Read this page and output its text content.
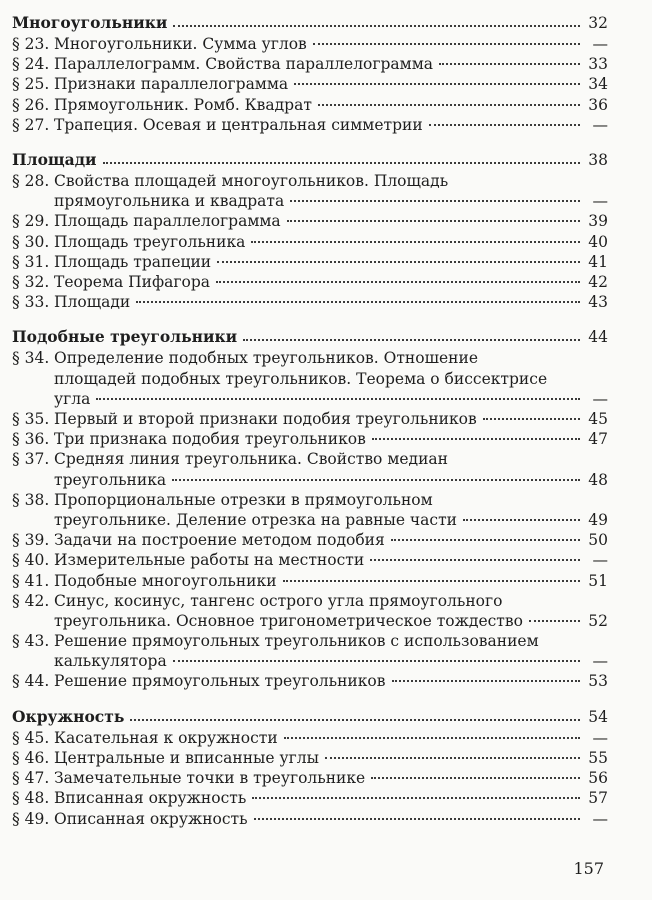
Многоугольники	32
§ 23. Многоугольники. Сумма углов	—
§ 24. Параллелограмм. Свойства параллелограмма	33
§ 25. Признаки параллелограмма	34
§ 26. Прямоугольник. Ромб. Квадрат	36
§ 27. Трапеция. Осевая и центральная симметрии	—
Площади	38
§ 28. Свойства площадей многоугольников. Площадь
прямоугольника и квадрата	—
§ 29. Площадь параллелограмма	39
§ 30. Площадь треугольника	40
§ 31. Площадь трапеции	41
§ 32. Теорема Пифагора	42
§ 33. Площади	43
Подобные треугольники	44
§ 34. Определение подобных треугольников. Отношение
площадей подобных треугольников. Теорема о биссектрисе
угла	—
§ 35. Первый и второй признаки подобия треугольников	45
§ 36. Три признака подобия треугольников	47
§ 37. Средняя линия треугольника. Свойство медиан
треугольника	48
§ 38. Пропорциональные отрезки в прямоугольном
треугольнике. Деление отрезка на равные части	49
§ 39. Задачи на построение методом подобия	50
§ 40. Измерительные работы на местности	—
§ 41. Подобные многоугольники	51
§ 42. Синус, косинус, тангенс острого угла прямоугольного
треугольника. Основное тригонометрическое тождество	52
§ 43. Решение прямоугольных треугольников с использованием
калькулятора	—
§ 44. Решение прямоугольных треугольников	53
Окружность	54
§ 45. Касательная к окружности	—
§ 46. Центральные и вписанные углы	55
§ 47. Замечательные точки в треугольнике	56
§ 48. Вписанная окружность	57
§ 49. Описанная окружность	—
157
